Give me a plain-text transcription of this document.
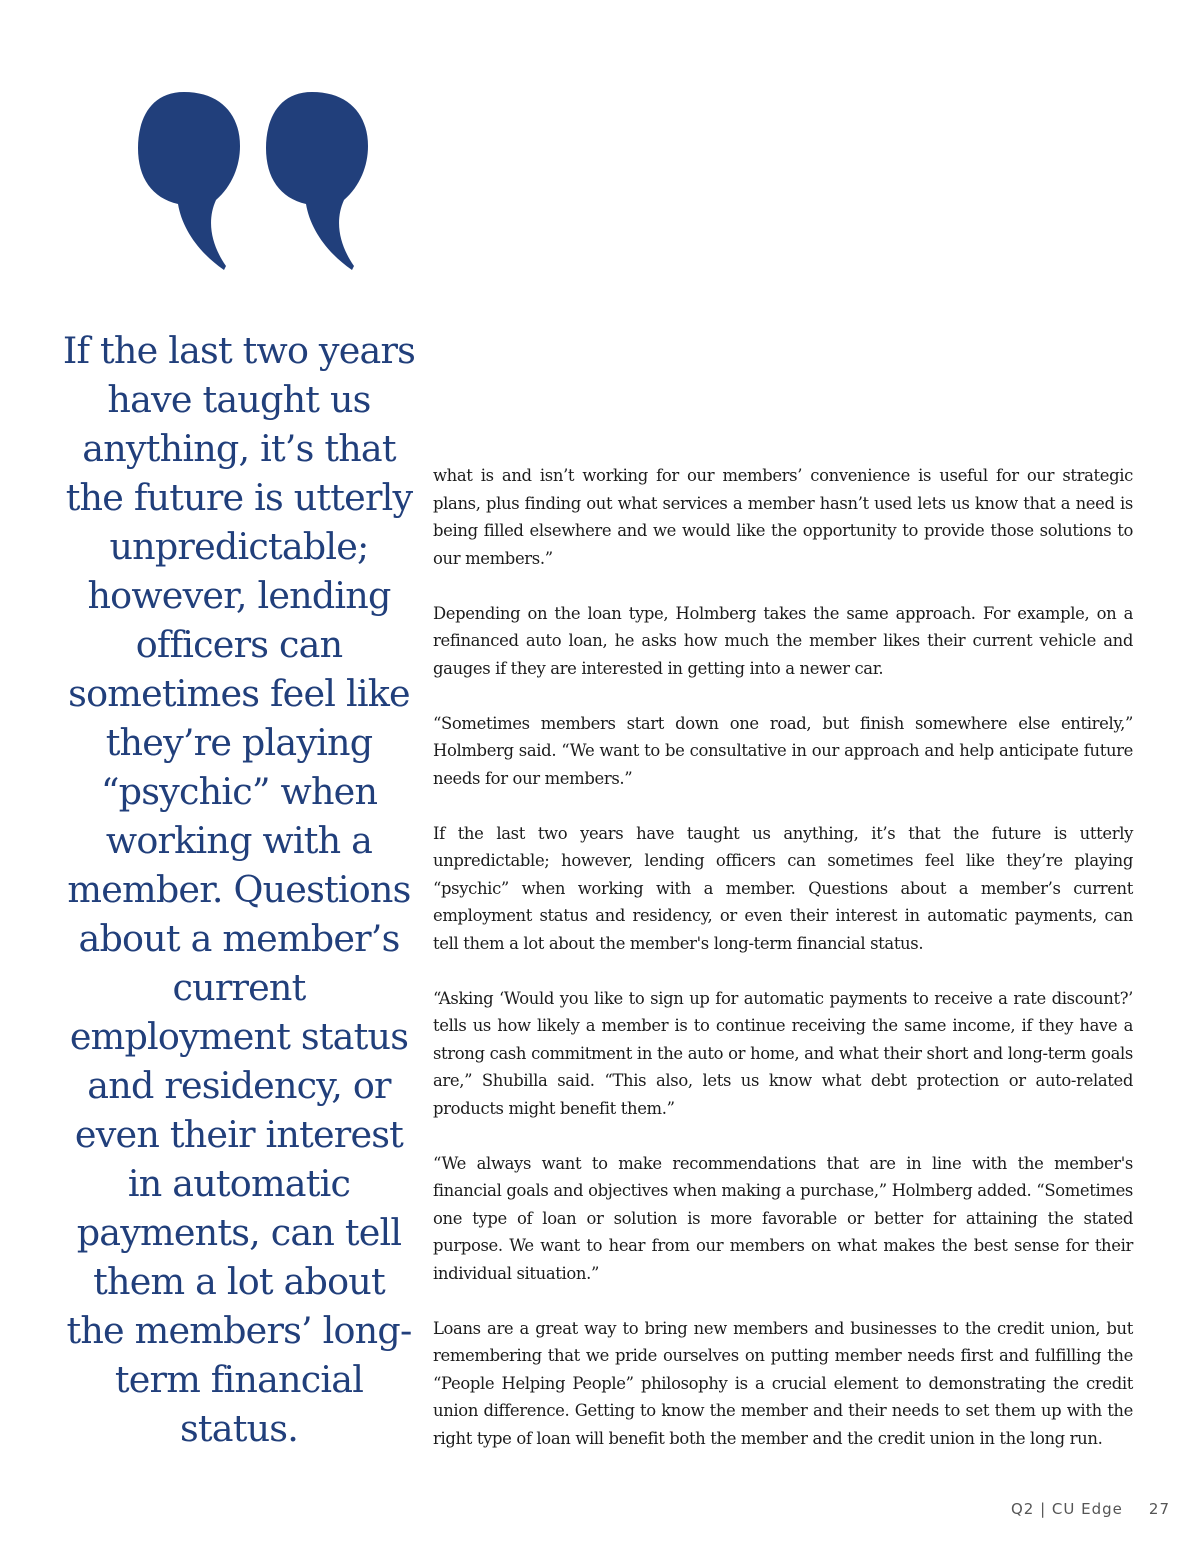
If the last two years have taught us anything, it’s that the future is utterly unpredictable; however, lending officers can sometimes feel like they’re playing “psychic” when working with a member. Questions about a member’s current employment status and residency, or even their interest in automatic payments, can tell them a lot about the members’ long-term financial status.

what is and isn’t working for our members’ convenience is useful for our strategic plans, plus finding out what services a member hasn’t used lets us know that a need is being filled elsewhere and we would like the opportunity to provide those solutions to our members.”

Depending on the loan type, Holmberg takes the same approach. For example, on a refinanced auto loan, he asks how much the member likes their current vehicle and gauges if they are interested in getting into a newer car.

“Sometimes members start down one road, but finish somewhere else entirely,” Holmberg said. “We want to be consultative in our approach and help anticipate future needs for our members.”

If the last two years have taught us anything, it’s that the future is utterly unpredictable; however, lending officers can sometimes feel like they’re playing “psychic” when working with a member. Questions about a member’s current employment status and residency, or even their interest in automatic payments, can tell them a lot about the member's long-term financial status.

“Asking ‘Would you like to sign up for automatic payments to receive a rate discount?’ tells us how likely a member is to continue receiving the same income, if they have a strong cash commitment in the auto or home, and what their short and long-term goals are,” Shubilla said. “This also, lets us know what debt protection or auto-related products might benefit them.”

“We always want to make recommendations that are in line with the member's financial goals and objectives when making a purchase,” Holmberg added. “Sometimes one type of loan or solution is more favorable or better for attaining the stated purpose. We want to hear from our members on what makes the best sense for their individual situation.”

Loans are a great way to bring new members and businesses to the credit union, but remembering that we pride ourselves on putting member needs first and fulfilling the “People Helping People” philosophy is a crucial element to demonstrating the credit union difference. Getting to know the member and their needs to set them up with the right type of loan will benefit both the member and the credit union in the long run.

Q2 | CU Edge 27
